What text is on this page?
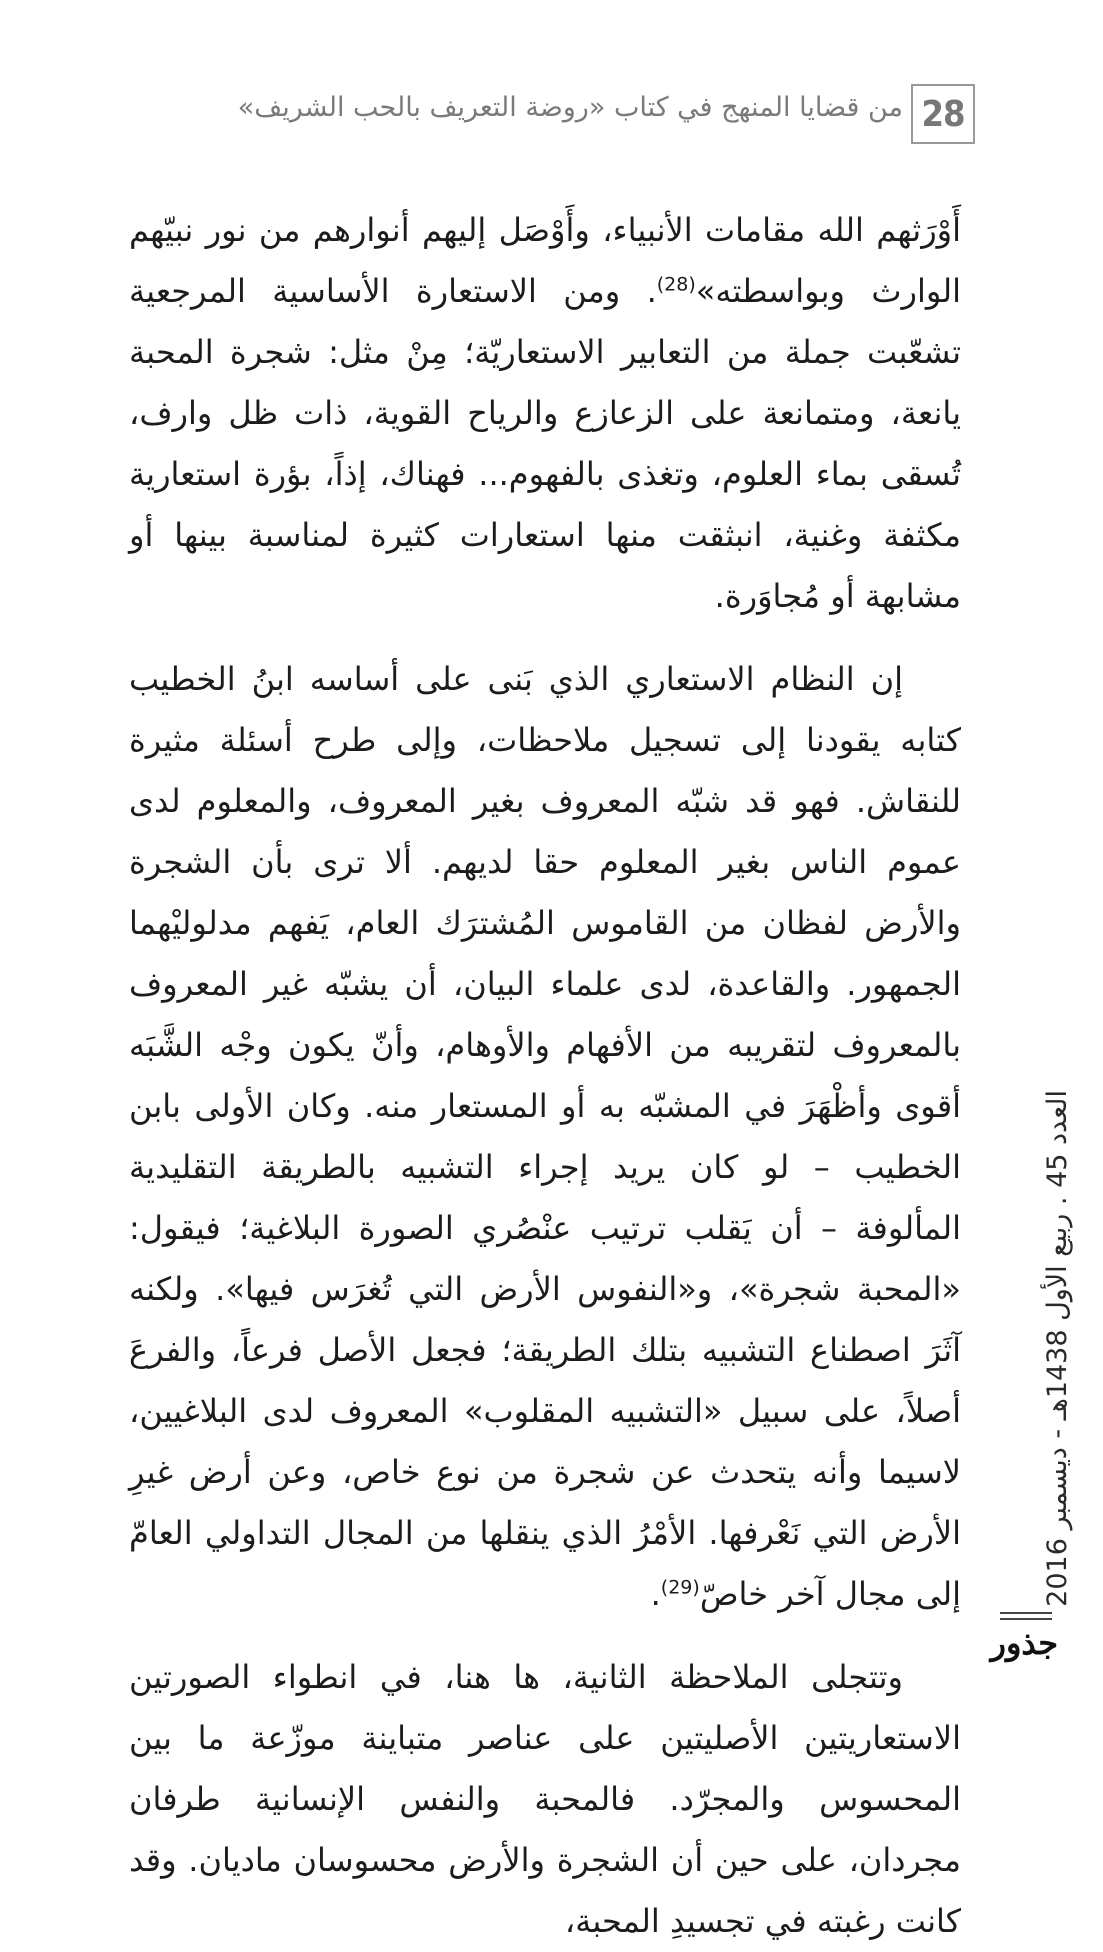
28
من قضايا المنهج في كتاب «روضة التعريف بالحب الشريف»

أَوْرَثهم الله مقامات الأنبياء، وأَوْصَل إليهم أنوارهم من نور نبيّهم الوارث وبواسطته»$^{(28)}$. ومن الاستعارة الأساسية المرجعية تشعّبت جملة من التعابير الاستعاريّة؛ مِنْ مثل: شجرة المحبة يانعة، ومتمانعة على الزعازع والرياح القوية، ذات ظل وارف، تُسقى بماء العلوم، وتغذى بالفهوم... فهناك، إذاً، بؤرة استعارية مكثفة وغنية، انبثقت منها استعارات كثيرة لمناسبة بينها أو مشابهة أو مُجاوَرة.

إن النظام الاستعاري الذي بَنى على أساسه ابنُ الخطيب كتابه يقودنا إلى تسجيل ملاحظات، وإلى طرح أسئلة مثيرة للنقاش. فهو قد شبّه المعروف بغير المعروف، والمعلوم لدى عموم الناس بغير المعلوم حقا لديهم. ألا ترى بأن الشجرة والأرض لفظان من القاموس المُشترَك العام، يَفهم مدلوليْهما الجمهور. والقاعدة، لدى علماء البيان، أن يشبّه غير المعروف بالمعروف لتقريبه من الأفهام والأوهام، وأنّ يكون وجْه الشَّبَه أقوى وأظْهَرَ في المشبّه به أو المستعار منه. وكان الأولى بابن الخطيب – لو كان يريد إجراء التشبيه بالطريقة التقليدية المألوفة – أن يَقلب ترتيب عنْصُري الصورة البلاغية؛ فيقول: «المحبة شجرة»، و«النفوس الأرض التي تُغرَس فيها». ولكنه آثَرَ اصطناع التشبيه بتلك الطريقة؛ فجعل الأصل فرعاً، والفرعَ أصلاً، على سبيل «التشبيه المقلوب» المعروف لدى البلاغيين، لاسيما وأنه يتحدث عن شجرة من نوع خاص، وعن أرض غيرِ الأرض التي نَعْرفها. الأمْرُ الذي ينقلها من المجال التداولي العامّ إلى مجال آخر خاصّ$^{(29)}$.

وتتجلى الملاحظة الثانية، ها هنا، في انطواء الصورتين الاستعاريتين الأصليتين على عناصر متباينة موزّعة ما بين المحسوس والمجرّد. فالمحبة والنفس الإنسانية طرفان مجردان، على حين أن الشجرة والأرض محسوسان ماديان. وقد كانت رغبته في تجسيدِ المحبة،

العدد 45 . ربيع الأول 1438هـ - ديسمبر 2016
جذور
